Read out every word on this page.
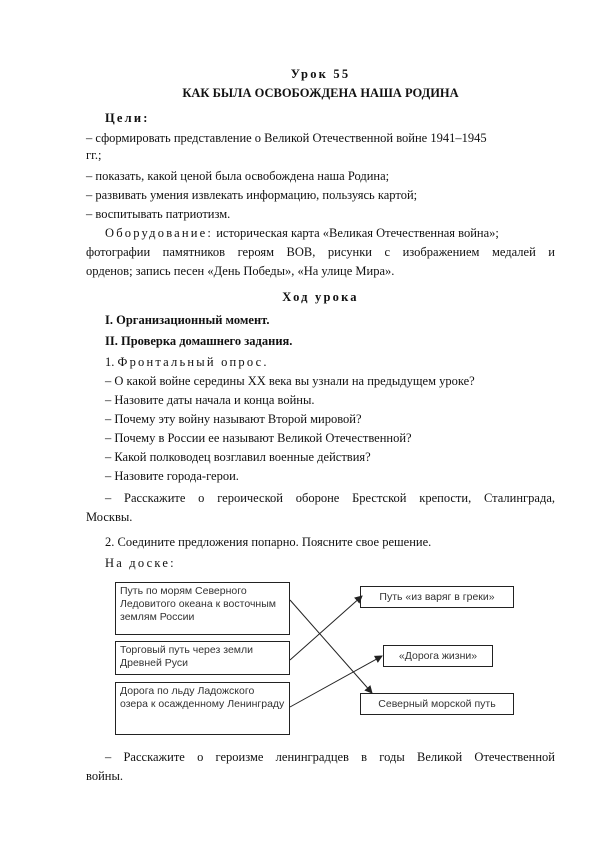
Урок 55
КАК БЫЛА ОСВОБОЖДЕНА НАША РОДИНА
Цели:
– сформировать представление о Великой Отечественной войне 1941–1945
гг.;
– показать, какой ценой была освобождена наша Родина;
– развивать умения извлекать информацию, пользуясь картой;
– воспитывать патриотизм.
Оборудование: историческая карта «Великая Отечественная война»;
фотографии памятников героям ВОВ, рисунки с изображением медалей и
орденов; запись песен «День Победы», «На улице Мира».
Ход урока
I. Организационный момент.
II. Проверка домашнего задания.
1. Фронтальный опрос.
– О какой войне середины XX века вы узнали на предыдущем уроке?
– Назовите даты начала и конца войны.
– Почему эту войну называют Второй мировой?
– Почему в России ее называют Великой Отечественной?
– Какой полководец возглавил военные действия?
– Назовите города-герои.
– Расскажите о героической обороне Брестской крепости, Сталинграда,
Москвы.
2. Соедините предложения попарно. Поясните свое решение.
На доске:
Путь по морям Северного Ледовитого океана к восточным землям России
Торговый путь через земли Древней Руси
Дорога по льду Ладожского озера к осажденному Ленинграду
Путь «из варяг в греки»
«Дорога жизни»
Северный морской путь
– Расскажите о героизме ленинградцев в годы Великой Отечественной
войны.
